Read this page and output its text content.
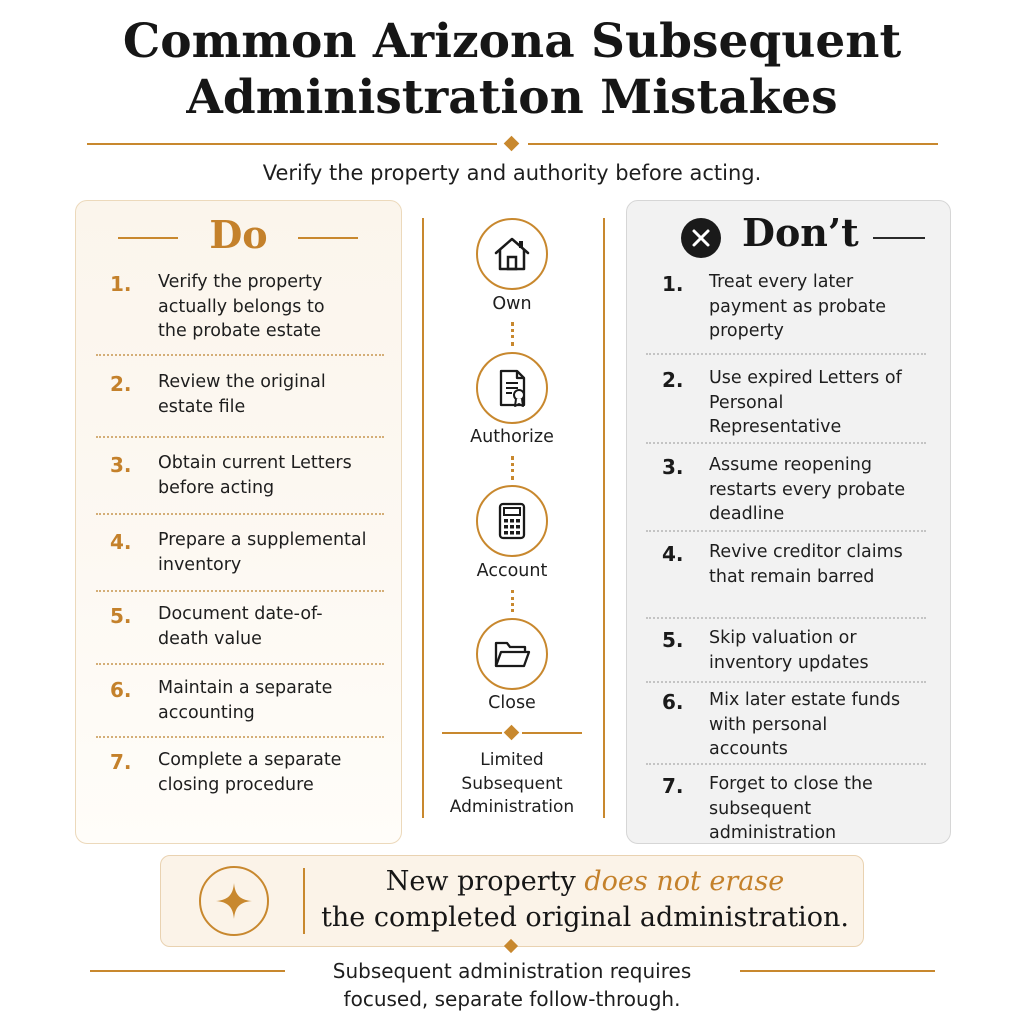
Common Arizona Subsequent
Administration Mistakes
Verify the property and authority before acting.
Do
1. Verify the property actually belongs to the probate estate
2. Review the original estate file
3. Obtain current Letters before acting
4. Prepare a supplemental inventory
5. Document date-of-death value
6. Maintain a separate accounting
7. Complete a separate closing procedure
Own
Authorize
Account
Close
Limited Subsequent Administration
Don’t
1. Treat every later payment as probate property
2. Use expired Letters of Personal Representative
3. Assume reopening restarts every probate deadline
4. Revive creditor claims that remain barred
5. Skip valuation or inventory updates
6. Mix later estate funds with personal accounts
7. Forget to close the subsequent administration
New property does not erase
the completed original administration.
Subsequent administration requires focused, separate follow-through.
